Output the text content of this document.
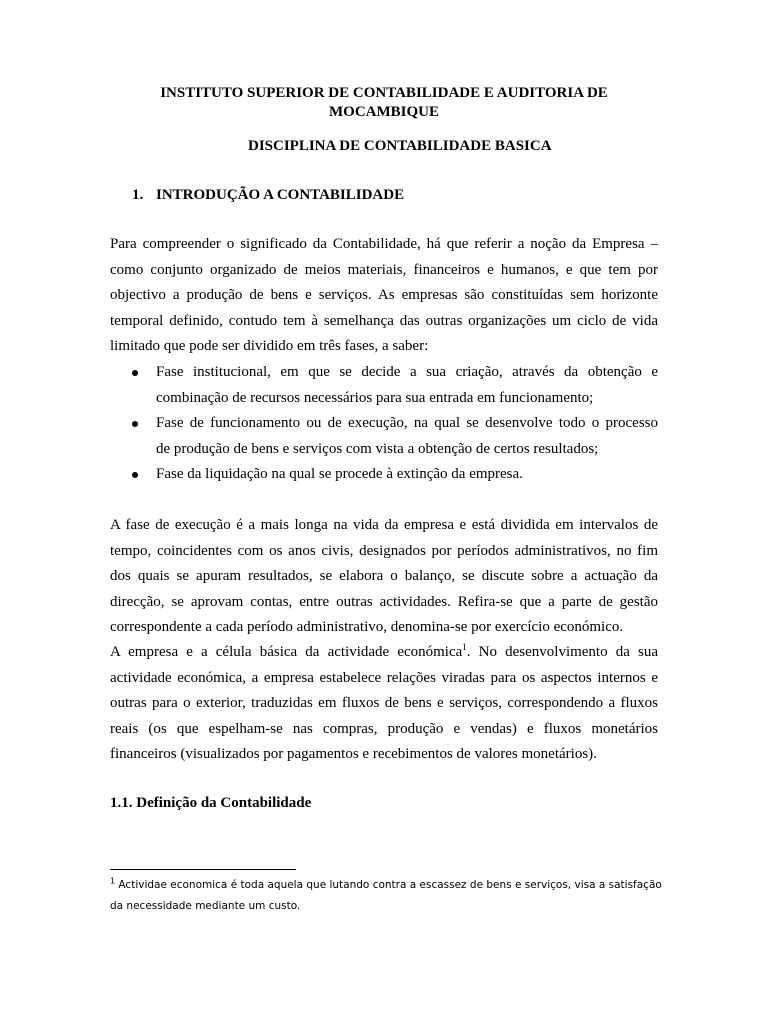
INSTITUTO SUPERIOR DE CONTABILIDADE E AUDITORIA DE
MOCAMBIQUE
DISCIPLINA DE CONTABILIDADE BASICA
1. INTRODUÇÃO A CONTABILIDADE
Para compreender o significado da Contabilidade, há que referir a noção da Empresa –
como conjunto organizado de meios materiais, financeiros e humanos, e que tem por
objectivo a produção de bens e serviços. As empresas são constituídas sem horizonte
temporal definido, contudo tem à semelhança das outras organizações um ciclo de vida
limitado que pode ser dividido em três fases, a saber:
Fase institucional, em que se decide a sua criação, através da obtenção e
combinação de recursos necessários para sua entrada em funcionamento;
Fase de funcionamento ou de execução, na qual se desenvolve todo o processo
de produção de bens e serviços com vista a obtenção de certos resultados;
Fase da liquidação na qual se procede à extinção da empresa.
A fase de execução é a mais longa na vida da empresa e está dividida em intervalos de
tempo, coincidentes com os anos civis, designados por períodos administrativos, no fim
dos quais se apuram resultados, se elabora o balanço, se discute sobre a actuação da
direcção, se aprovam contas, entre outras actividades. Refira-se que a parte de gestão
correspondente a cada período administrativo, denomina-se por exercício económico.
A empresa e a célula básica da actividade económica$^1$. No desenvolvimento da sua
actividade económica, a empresa estabelece relações viradas para os aspectos internos e
outras para o exterior, traduzidas em fluxos de bens e serviços, correspondendo a fluxos
reais (os que espelham-se nas compras, produção e vendas) e fluxos monetários
financeiros (visualizados por pagamentos e recebimentos de valores monetários).
1.1. Definição da Contabilidade
$^1$ Actividae economica é toda aquela que lutando contra a escassez de bens e serviços, visa a satisfação
da necessidade mediante um custo.
